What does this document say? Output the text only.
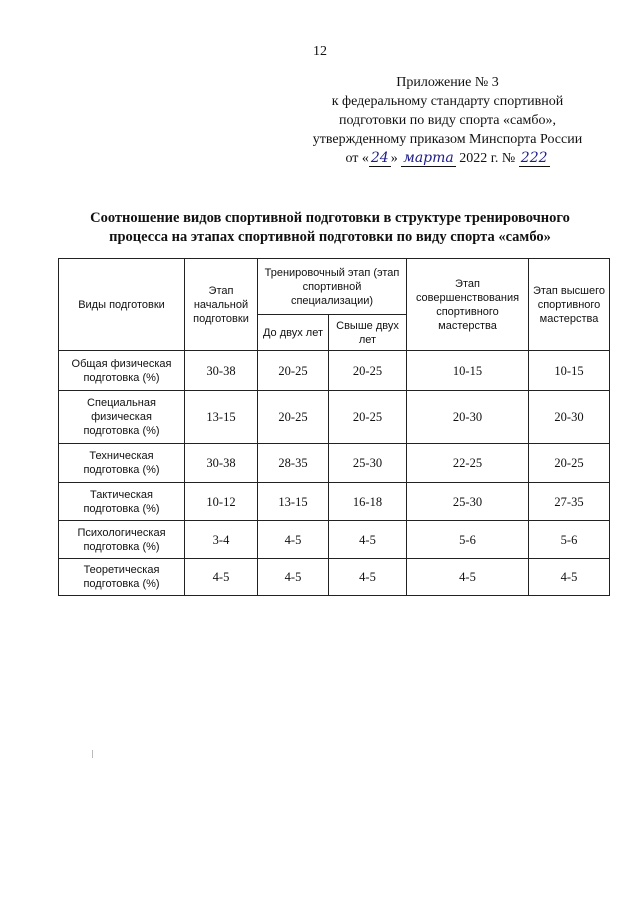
12
Приложение № 3
к федеральному стандарту спортивной
подготовки по виду спорта «самбо»,
утвержденному приказом Минспорта России
от « 24 » марта 2022 г. № 222
Соотношение видов спортивной подготовки в структуре тренировочного
процесса на этапах спортивной подготовки по виду спорта «самбо»
Виды подготовки	Этап начальной подготовки	Тренировочный этап (этап спортивной специализации)		Этап совершенствования спортивного мастерства	Этап высшего спортивного мастерства
		До двух лет	Свыше двух лет		
Общая физическая подготовка (%)	30-38	20-25	20-25	10-15	10-15
Специальная физическая подготовка (%)	13-15	20-25	20-25	20-30	20-30
Техническая подготовка (%)	30-38	28-35	25-30	22-25	20-25
Тактическая подготовка (%)	10-12	13-15	16-18	25-30	27-35
Психологическая подготовка (%)	3-4	4-5	4-5	5-6	5-6
Теоретическая подготовка (%)	4-5	4-5	4-5	4-5	4-5
